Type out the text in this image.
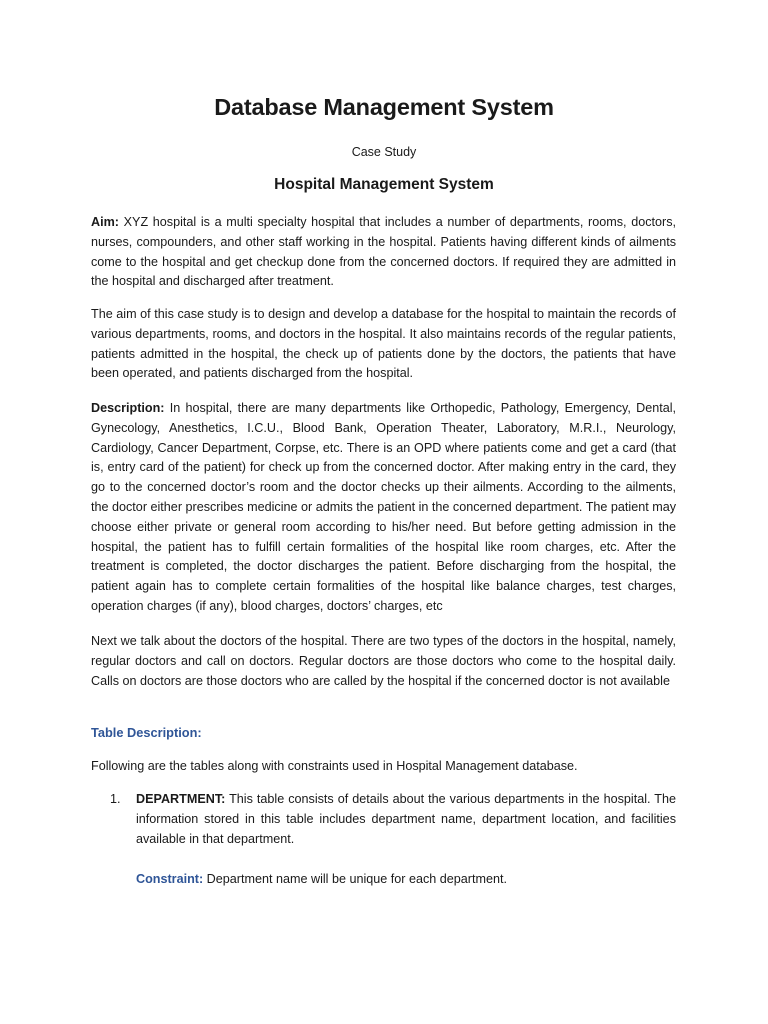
Database Management System

Case Study

Hospital Management System

Aim: XYZ hospital is a multi specialty hospital that includes a number of departments, rooms, doctors, nurses, compounders, and other staff working in the hospital. Patients having different kinds of ailments come to the hospital and get checkup done from the concerned doctors. If required they are admitted in the hospital and discharged after treatment.

The aim of this case study is to design and develop a database for the hospital to maintain the records of various departments, rooms, and doctors in the hospital. It also maintains records of the regular patients, patients admitted in the hospital, the check up of patients done by the doctors, the patients that have been operated, and patients discharged from the hospital.

Description: In hospital, there are many departments like Orthopedic, Pathology, Emergency, Dental, Gynecology, Anesthetics, I.C.U., Blood Bank, Operation Theater, Laboratory, M.R.I., Neurology, Cardiology, Cancer Department, Corpse, etc. There is an OPD where patients come and get a card (that is, entry card of the patient) for check up from the concerned doctor. After making entry in the card, they go to the concerned doctor’s room and the doctor checks up their ailments. According to the ailments, the doctor either prescribes medicine or admits the patient in the concerned department. The patient may choose either private or general room according to his/her need. But before getting admission in the hospital, the patient has to fulfill certain formalities of the hospital like room charges, etc. After the treatment is completed, the doctor discharges the patient. Before discharging from the hospital, the patient again has to complete certain formalities of the hospital like balance charges, test charges, operation charges (if any), blood charges, doctors’ charges, etc

Next we talk about the doctors of the hospital. There are two types of the doctors in the hospital, namely, regular doctors and call on doctors. Regular doctors are those doctors who come to the hospital daily. Calls on doctors are those doctors who are called by the hospital if the concerned doctor is not available

Table Description:

Following are the tables along with constraints used in Hospital Management database.

1.	DEPARTMENT: This table consists of details about the various departments in the hospital. The information stored in this table includes department name, department location, and facilities available in that department.

Constraint: Department name will be unique for each department.
